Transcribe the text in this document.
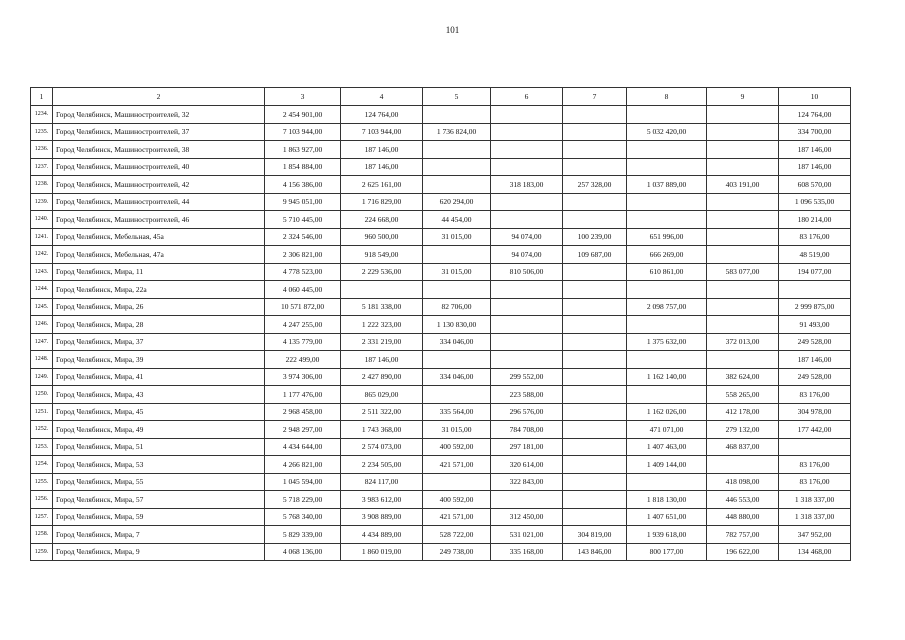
101
1	2	3	4	5	6	7	8	9	10
1234.	Город Челябинск, Машиностроителей, 32	2 454 901,00	124 764,00						124 764,00
1235.	Город Челябинск, Машиностроителей, 37	7 103 944,00	7 103 944,00	1 736 824,00			5 032 420,00		334 700,00
1236.	Город Челябинск, Машиностроителей, 38	1 863 927,00	187 146,00						187 146,00
1237.	Город Челябинск, Машиностроителей, 40	1 854 884,00	187 146,00						187 146,00
1238.	Город Челябинск, Машиностроителей, 42	4 156 386,00	2 625 161,00		318 183,00	257 328,00	1 037 889,00	403 191,00	608 570,00
1239.	Город Челябинск, Машиностроителей, 44	9 945 051,00	1 716 829,00	620 294,00					1 096 535,00
1240.	Город Челябинск, Машиностроителей, 46	5 710 445,00	224 668,00	44 454,00					180 214,00
1241.	Город Челябинск, Мебельная, 45а	2 324 546,00	960 500,00	31 015,00	94 074,00	100 239,00	651 996,00		83 176,00
1242.	Город Челябинск, Мебельная, 47а	2 306 821,00	918 549,00		94 074,00	109 687,00	666 269,00		48 519,00
1243.	Город Челябинск, Мира, 11	4 778 523,00	2 229 536,00	31 015,00	810 506,00		610 861,00	583 077,00	194 077,00
1244.	Город Челябинск, Мира, 22а	4 060 445,00							
1245.	Город Челябинск, Мира, 26	10 571 872,00	5 181 338,00	82 706,00			2 098 757,00		2 999 875,00
1246.	Город Челябинск, Мира, 28	4 247 255,00	1 222 323,00	1 130 830,00					91 493,00
1247.	Город Челябинск, Мира, 37	4 135 779,00	2 331 219,00	334 046,00			1 375 632,00	372 013,00	249 528,00
1248.	Город Челябинск, Мира, 39	222 499,00	187 146,00						187 146,00
1249.	Город Челябинск, Мира, 41	3 974 306,00	2 427 890,00	334 046,00	299 552,00		1 162 140,00	382 624,00	249 528,00
1250.	Город Челябинск, Мира, 43	1 177 476,00	865 029,00		223 588,00			558 265,00	83 176,00
1251.	Город Челябинск, Мира, 45	2 968 458,00	2 511 322,00	335 564,00	296 576,00		1 162 026,00	412 178,00	304 978,00
1252.	Город Челябинск, Мира, 49	2 948 297,00	1 743 368,00	31 015,00	784 708,00		471 071,00	279 132,00	177 442,00
1253.	Город Челябинск, Мира, 51	4 434 644,00	2 574 073,00	400 592,00	297 181,00		1 407 463,00	468 837,00	
1254.	Город Челябинск, Мира, 53	4 266 821,00	2 234 505,00	421 571,00	320 614,00		1 409 144,00		83 176,00
1255.	Город Челябинск, Мира, 55	1 045 594,00	824 117,00		322 843,00			418 098,00	83 176,00
1256.	Город Челябинск, Мира, 57	5 718 229,00	3 983 612,00	400 592,00			1 818 130,00	446 553,00	1 318 337,00
1257.	Город Челябинск, Мира, 59	5 768 340,00	3 908 889,00	421 571,00	312 450,00		1 407 651,00	448 880,00	1 318 337,00
1258.	Город Челябинск, Мира, 7	5 829 339,00	4 434 889,00	528 722,00	531 021,00	304 819,00	1 939 618,00	782 757,00	347 952,00
1259.	Город Челябинск, Мира, 9	4 068 136,00	1 860 019,00	249 738,00	335 168,00	143 846,00	800 177,00	196 622,00	134 468,00
